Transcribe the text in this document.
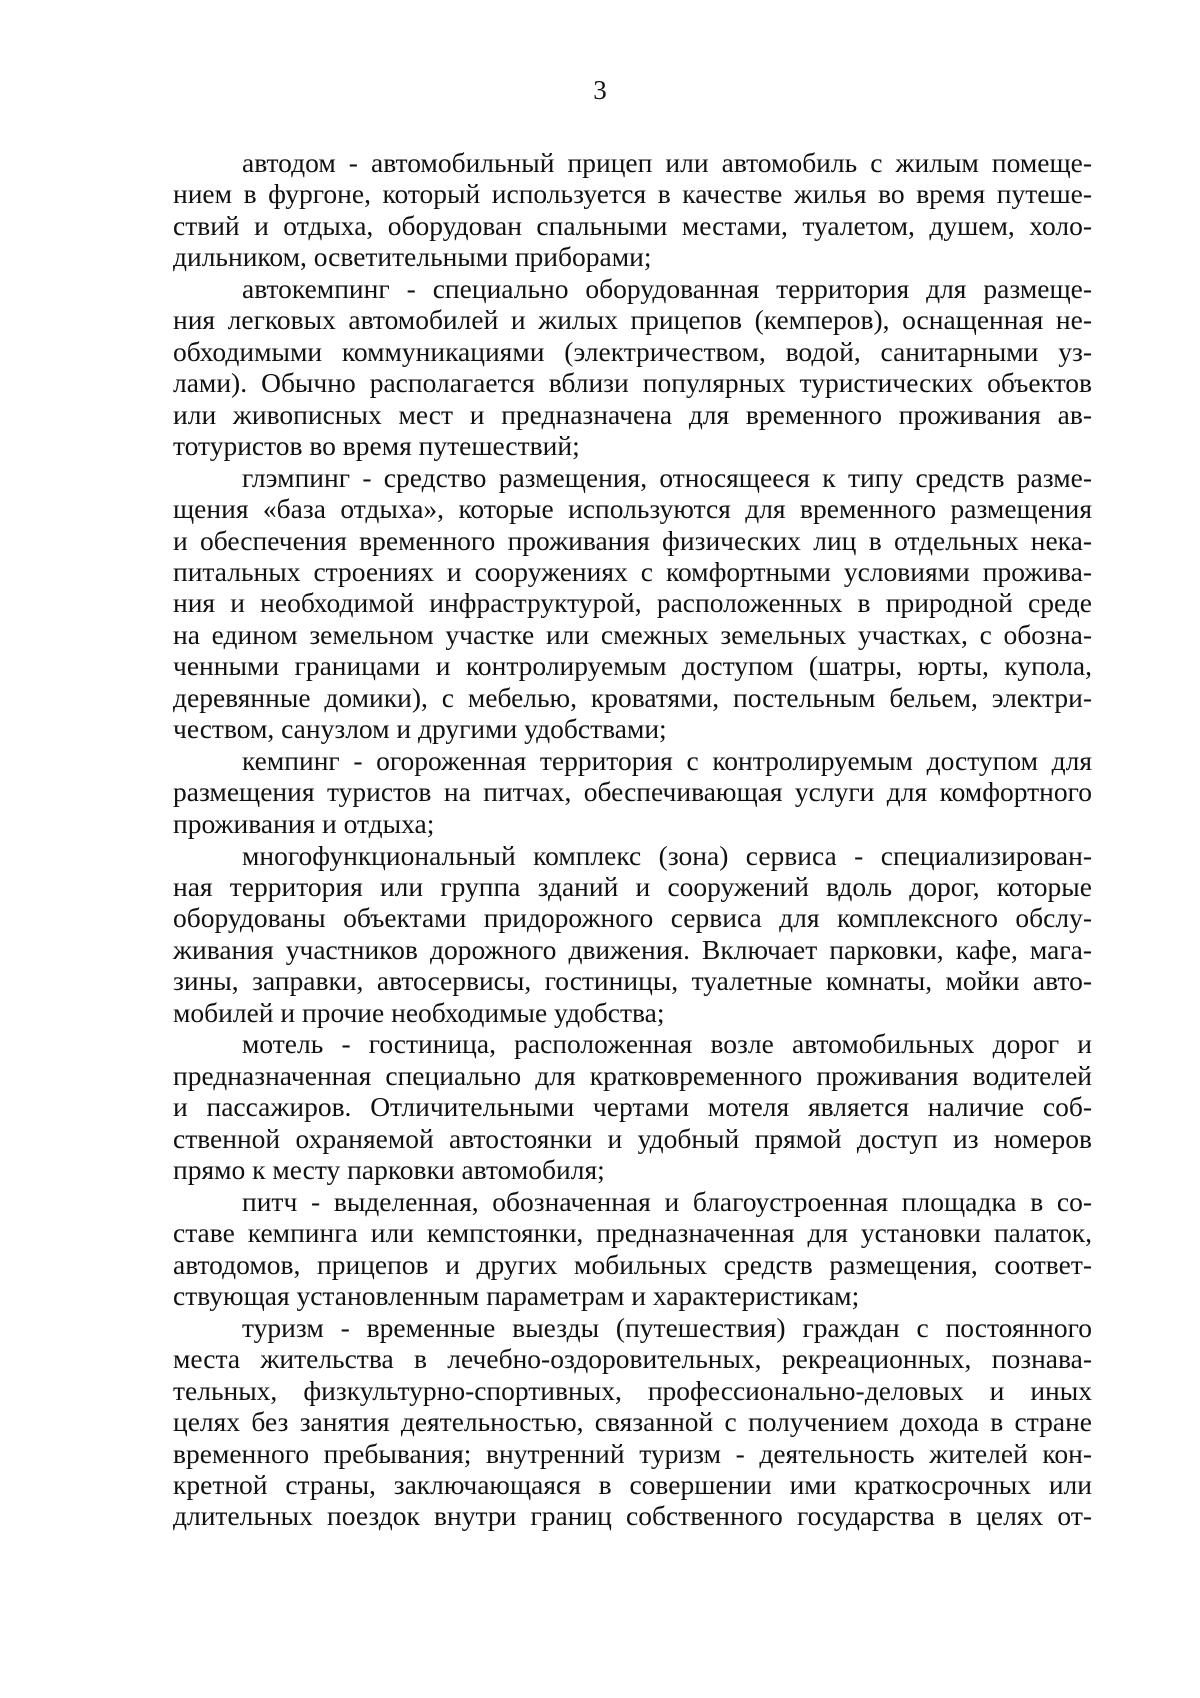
3
автодом - автомобильный прицеп или автомобиль с жилым помеще-
нием в фургоне, который используется в качестве жилья во время путеше-
ствий и отдыха, оборудован спальными местами, туалетом, душем, холо-
дильником, осветительными приборами;
автокемпинг - специально оборудованная территория для размеще-
ния легковых автомобилей и жилых прицепов (кемперов), оснащенная не-
обходимыми коммуникациями (электричеством, водой, санитарными уз-
лами). Обычно располагается вблизи популярных туристических объектов
или живописных мест и предназначена для временного проживания ав-
тотуристов во время путешествий;
глэмпинг - средство размещения, относящееся к типу средств разме-
щения «база отдыха», которые используются для временного размещения
и обеспечения временного проживания физических лиц в отдельных нека-
питальных строениях и сооружениях с комфортными условиями прожива-
ния и необходимой инфраструктурой, расположенных в природной среде
на едином земельном участке или смежных земельных участках, с обозна-
ченными границами и контролируемым доступом (шатры, юрты, купола,
деревянные домики), с мебелью, кроватями, постельным бельем, электри-
чеством, санузлом и другими удобствами;
кемпинг - огороженная территория с контролируемым доступом для
размещения туристов на питчах, обеспечивающая услуги для комфортного
проживания и отдыха;
многофункциональный комплекс (зона) сервиса - специализирован-
ная территория или группа зданий и сооружений вдоль дорог, которые
оборудованы объектами придорожного сервиса для комплексного обслу-
живания участников дорожного движения. Включает парковки, кафе, мага-
зины, заправки, автосервисы, гостиницы, туалетные комнаты, мойки авто-
мобилей и прочие необходимые удобства;
мотель - гостиница, расположенная возле автомобильных дорог и
предназначенная специально для кратковременного проживания водителей
и пассажиров. Отличительными чертами мотеля является наличие соб-
ственной охраняемой автостоянки и удобный прямой доступ из номеров
прямо к месту парковки автомобиля;
питч - выделенная, обозначенная и благоустроенная площадка в со-
ставе кемпинга или кемпстоянки, предназначенная для установки палаток,
автодомов, прицепов и других мобильных средств размещения, соответ-
ствующая установленным параметрам и характеристикам;
туризм - временные выезды (путешествия) граждан с постоянного
места жительства в лечебно-оздоровительных, рекреационных, познава-
тельных, физкультурно-спортивных, профессионально-деловых и иных
целях без занятия деятельностью, связанной с получением дохода в стране
временного пребывания; внутренний туризм - деятельность жителей кон-
кретной страны, заключающаяся в совершении ими краткосрочных или
длительных поездок внутри границ собственного государства в целях от-
